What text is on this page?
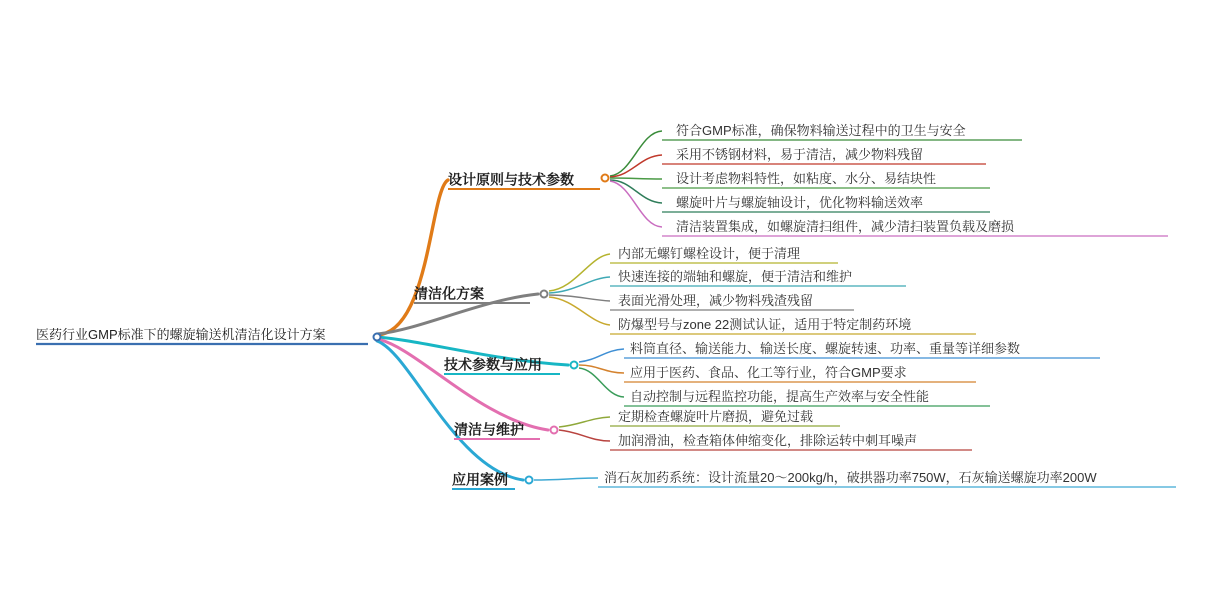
医药行业GMP标准下的螺旋输送机清洁化设计方案
设计原则与技术参数
清洁化方案
技术参数与应用
清洁与维护
应用案例
符合GMP标准，确保物料输送过程中的卫生与安全
采用不锈钢材料，易于清洁，减少物料残留
设计考虑物料特性，如粘度、水分、易结块性
螺旋叶片与螺旋轴设计，优化物料输送效率
清洁装置集成，如螺旋清扫组件，减少清扫装置负载及磨损
内部无螺钉螺栓设计，便于清理
快速连接的端轴和螺旋，便于清洁和维护
表面光滑处理，减少物料残渣残留
防爆型号与zone 22测试认证，适用于特定制药环境
料筒直径、输送能力、输送长度、螺旋转速、功率、重量等详细参数
应用于医药、食品、化工等行业，符合GMP要求
自动控制与远程监控功能，提高生产效率与安全性能
定期检查螺旋叶片磨损，避免过载
加润滑油，检查箱体伸缩变化，排除运转中刺耳噪声
消石灰加药系统：设计流量20～200kg/h，破拱器功率750W，石灰输送螺旋功率200W
